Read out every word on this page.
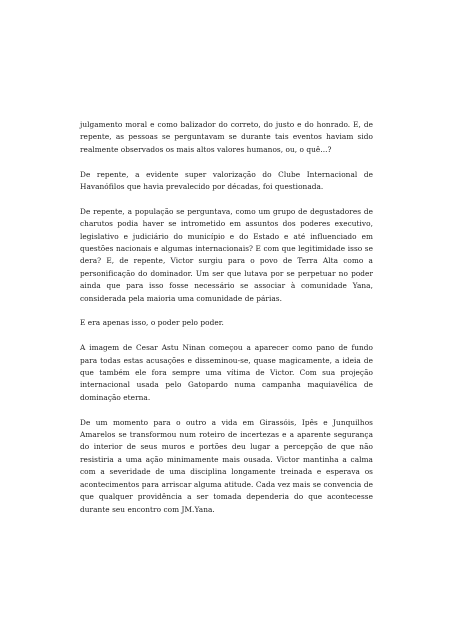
julgamento moral e como balizador do correto, do justo e do honrado. E, de repente, as pessoas se perguntavam se durante tais eventos haviam sido realmente observados os mais altos valores humanos, ou, o quê...?

De repente, a evidente super valorização do Clube Internacional de Havanófilos que havia prevalecido por décadas, foi questionada.

De repente, a população se perguntava, como um grupo de degustadores de charutos podia haver se intrometido em assuntos dos poderes executivo, legislativo e judiciário do município e do Estado e até influenciado em questões nacionais e algumas internacionais? E com que legitimidade isso se dera? E, de repente, Victor surgiu para o povo de Terra Alta como a personificação do dominador. Um ser que lutava por se perpetuar no poder ainda que para isso fosse necessário se associar à comunidade Yana, considerada pela maioria uma comunidade de párias.

E era apenas isso, o poder pelo poder.

A imagem de Cesar Astu Ninan começou a aparecer como pano de fundo para todas estas acusações e disseminou-se, quase magicamente, a ideia de que também ele fora sempre uma vítima de Victor. Com sua projeção internacional usada pelo Gatopardo numa campanha maquiavélica de dominação eterna.

De um momento para o outro a vida em Girassóis, Ipês e Junquilhos Amarelos se transformou num roteiro de incertezas e a aparente segurança do interior de seus muros e portões deu lugar a percepção de que não resistiria a uma ação minimamente mais ousada. Victor mantinha a calma com a severidade de uma disciplina longamente treinada e esperava os acontecimentos para arriscar alguma atitude. Cada vez mais se convencia de que qualquer providência a ser tomada dependeria do que acontecesse durante seu encontro com JM.Yana.
